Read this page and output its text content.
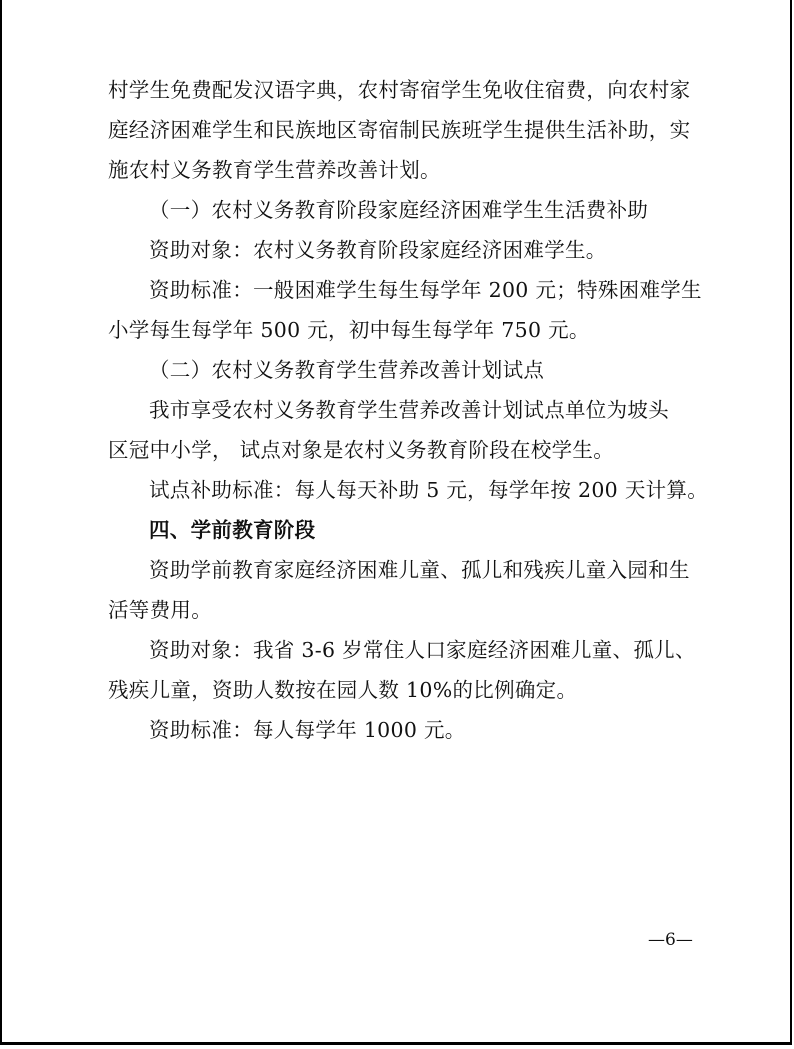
村学生免费配发汉语字典，农村寄宿学生免收住宿费，向农村家
庭经济困难学生和民族地区寄宿制民族班学生提供生活补助，实
施农村义务教育学生营养改善计划。
（一）农村义务教育阶段家庭经济困难学生生活费补助
资助对象：农村义务教育阶段家庭经济困难学生。
资助标准：一般困难学生每生每学年 200 元；特殊困难学生
小学每生每学年 500 元，初中每生每学年 750 元。
（二）农村义务教育学生营养改善计划试点
我市享受农村义务教育学生营养改善计划试点单位为坡头
区冠中小学， 试点对象是农村义务教育阶段在校学生。
试点补助标准：每人每天补助 5 元，每学年按 200 天计算。
四、学前教育阶段
资助学前教育家庭经济困难儿童、孤儿和残疾儿童入园和生
活等费用。
资助对象：我省 3-6 岁常住人口家庭经济困难儿童、孤儿、
残疾儿童，资助人数按在园人数 10%的比例确定。
资助标准：每人每学年 1000 元。
—6—
